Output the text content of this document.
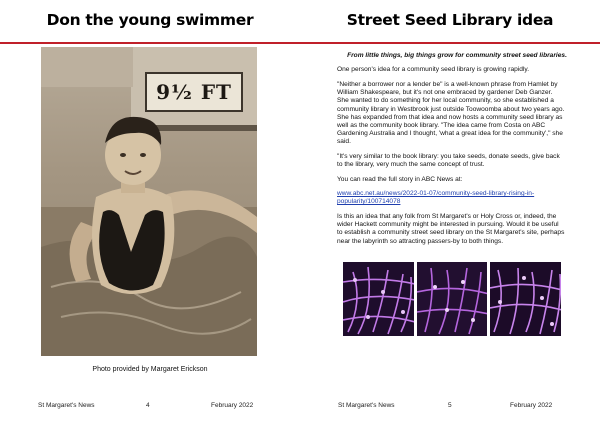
Don the young swimmer
9½ FT
Photo provided by Margaret Erickson
St Margaret's News	4	February 2022
Street Seed Library idea
From little things, big things grow for community street seed libraries.
One person's idea for a community seed library is growing rapidly.
"Neither a borrower nor a lender be" is a well-known phrase from Hamlet by William Shakespeare, but it's not one embraced by gardener Deb Ganzer. She wanted to do something for her local community, so she established a community library in Westbrook just outside Toowoomba about two years ago. She has expanded from that idea and now hosts a community seed library as well as the community book library. "The idea came from Costa on ABC Gardening Australia and I thought, 'what a great idea for the community'," she said.
"It's very similar to the book library: you take seeds, donate seeds, give back to the library, very much the same concept of trust.
You can read the full story in ABC News at:
www.abc.net.au/news/2022-01-07/community-seed-library-rising-in-popularity/100714078
Is this an idea that any folk from St Margaret's or Holy Cross or, indeed, the wider Hackett community might be interested in pursuing. Would it be useful to establish a community street seed library on the St Margaret's site, perhaps near the labyrinth so attracting passers-by to both things.
St Margaret's News	5	February 2022
